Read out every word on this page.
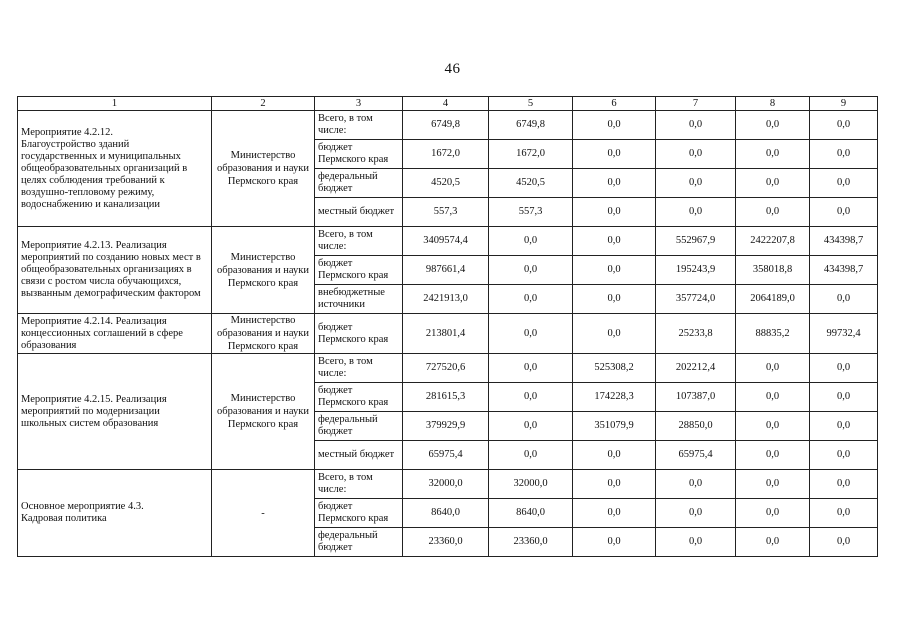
46
1	2	3	4	5	6	7	8	9
Мероприятие 4.2.12.
Благоустройство зданий государственных и муниципальных общеобразовательных организаций в целях соблюдения требований к воздушно-тепловому режиму, водоснабжению и канализации	Министерство образования и науки Пермского края	Всего, в том числе:	6749,8	6749,8	0,0	0,0	0,0	0,0
		бюджет Пермского края	1672,0	1672,0	0,0	0,0	0,0	0,0
		федеральный бюджет	4520,5	4520,5	0,0	0,0	0,0	0,0
		местный бюджет	557,3	557,3	0,0	0,0	0,0	0,0
Мероприятие 4.2.13. Реализация мероприятий по созданию новых мест в общеобразовательных организациях в связи с ростом числа обучающихся, вызванным демографическим фактором	Министерство образования и науки Пермского края	Всего, в том числе:	3409574,4	0,0	0,0	552967,9	2422207,8	434398,7
		бюджет Пермского края	987661,4	0,0	0,0	195243,9	358018,8	434398,7
		внебюджетные источники	2421913,0	0,0	0,0	357724,0	2064189,0	0,0
Мероприятие 4.2.14. Реализация концессионных соглашений в сфере образования	Министерство образования и науки Пермского края	бюджет Пермского края	213801,4	0,0	0,0	25233,8	88835,2	99732,4
Мероприятие 4.2.15. Реализация мероприятий по модернизации школьных систем образования	Министерство образования и науки Пермского края	Всего, в том числе:	727520,6	0,0	525308,2	202212,4	0,0	0,0
		бюджет Пермского края	281615,3	0,0	174228,3	107387,0	0,0	0,0
		федеральный бюджет	379929,9	0,0	351079,9	28850,0	0,0	0,0
		местный бюджет	65975,4	0,0	0,0	65975,4	0,0	0,0
Основное мероприятие 4.3.
Кадровая политика	-	Всего, в том числе:	32000,0	32000,0	0,0	0,0	0,0	0,0
		бюджет Пермского края	8640,0	8640,0	0,0	0,0	0,0	0,0
		федеральный бюджет	23360,0	23360,0	0,0	0,0	0,0	0,0
